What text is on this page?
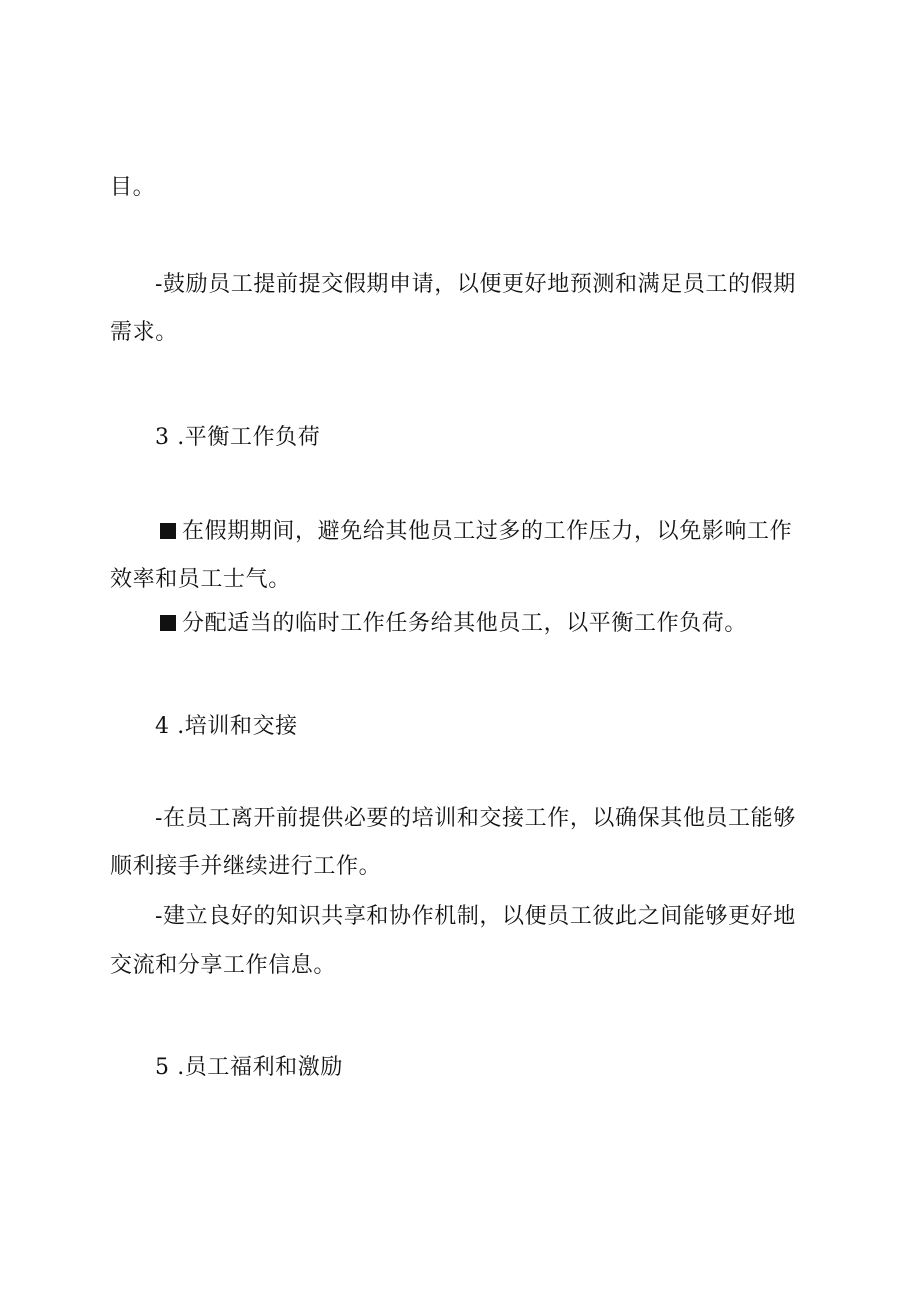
目。
-鼓励员工提前提交假期申请，以便更好地预测和满足员工的假期
需求。
3 .平衡工作负荷
在假期期间，避免给其他员工过多的工作压力，以免影响工作
效率和员工士气。
分配适当的临时工作任务给其他员工，以平衡工作负荷。
4 .培训和交接
-在员工离开前提供必要的培训和交接工作，以确保其他员工能够
顺利接手并继续进行工作。
-建立良好的知识共享和协作机制，以便员工彼此之间能够更好地
交流和分享工作信息。
5 .员工福利和激励
